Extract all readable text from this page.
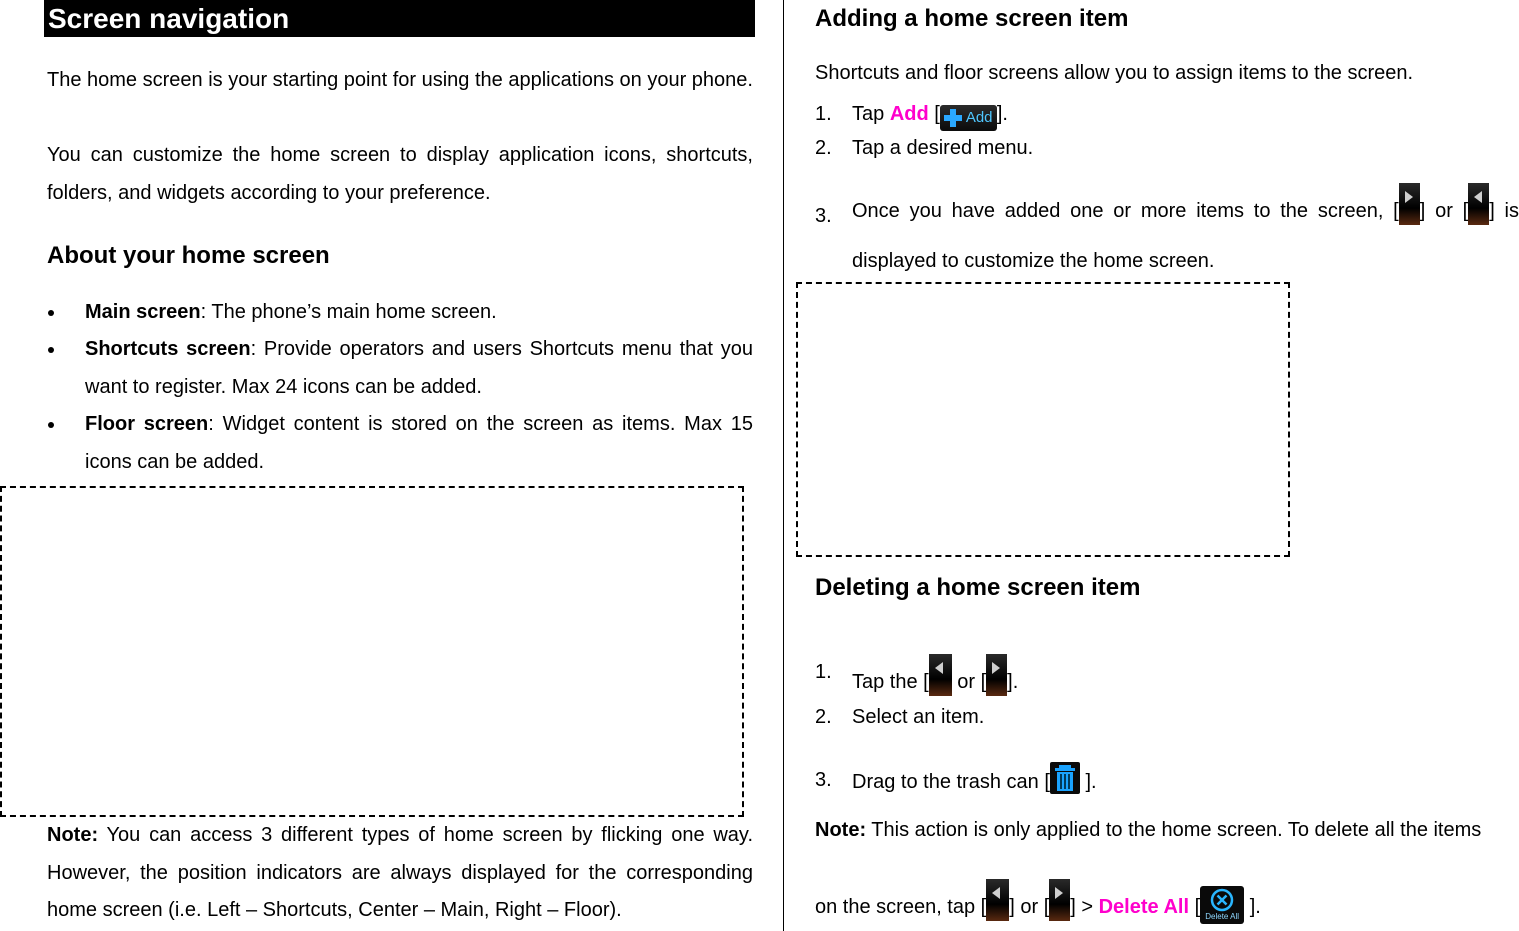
Screen navigation
The home screen is your starting point for using the applications on your phone.
You can customize the home screen to display application icons, shortcuts, folders, and widgets according to your preference.
About your home screen
Main screen: The phone’s main home screen.
Shortcuts screen: Provide operators and users Shortcuts menu that you want to register. Max 24 icons can be added.
Floor screen: Widget content is stored on the screen as items. Max 15 icons can be added.
Note: You can access 3 different types of home screen by flicking one way. However, the position indicators are always displayed for the corresponding home screen (i.e. Left – Shortcuts, Center – Main, Right – Floor).
Adding a home screen item
Shortcuts and floor screens allow you to assign items to the screen.
1. Tap Add [ Add ].
2. Tap a desired menu.
3. Once you have added one or more items to the screen, [ ] or [ ] is
displayed to customize the home screen.
Deleting a home screen item
1. Tap the [
or [ ].
2. Select an item.
3. Drag to the trash can [ ].
Note: This action is only applied to the home screen. To delete all the items
on the screen, tap [ ] or [ ] > Delete All [ Delete All ].
